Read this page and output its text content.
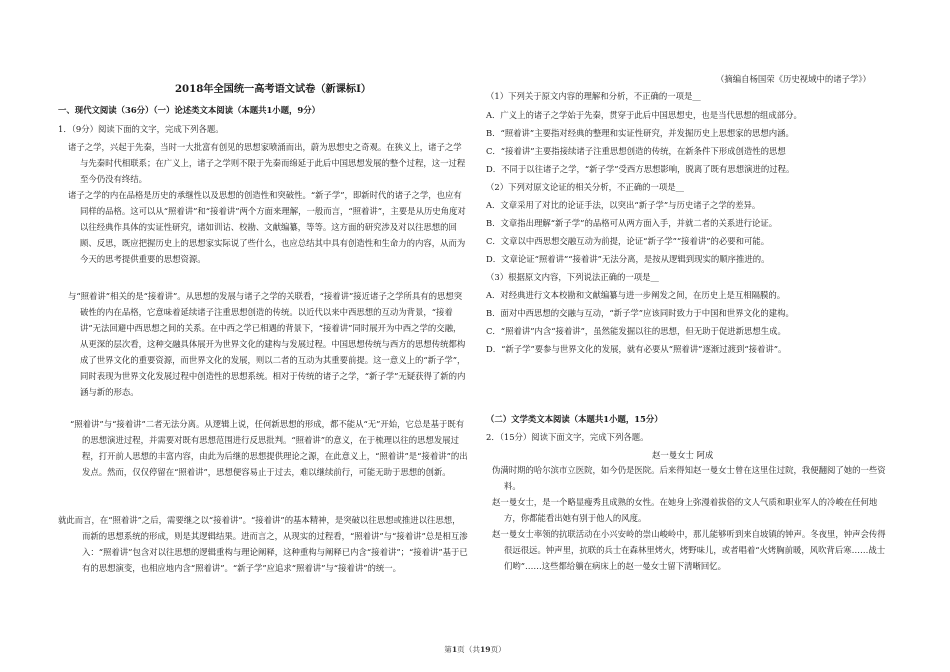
2018年全国统一高考语文试卷（新课标Ⅰ）
一、现代文阅读（36分）（一）论述类文本阅读（本题共1小题，9分）
1．（9分）阅读下面的文字，完成下列各题。
诸子之学，兴起于先秦，当时一大批富有创见的思想家喷涌而出，蔚为思想史之奇观。在狭义上，诸子之学与先秦时代相联系；在广义上，诸子之学则不限于先秦而绵延于此后中国思想发展的整个过程，这一过程至今仍没有终结。
诸子之学的内在品格是历史的承继性以及思想的创造性和突破性。“新子学”，即新时代的诸子之学，也应有同样的品格。这可以从“照着讲”和“接着讲”两个方面来理解，一般而言，“照着讲”，主要是从历史角度对以往经典作具体的实证性研究，诸如训诂、校勘、文献编纂，等等。这方面的研究涉及对以往思想的回顾、反思，既应把握历史上的思想家实际说了些什么，也应总结其中具有创造性和生命力的内容，从而为今天的思考提供重要的思想资源。
与“照着讲”相关的是“接着讲”。从思想的发展与诸子之学的关联看，“接着讲”接近诸子之学所具有的思想突破性的内在品格，它意味着延续诸子注重思想创造的传统。以近代以来中西思想的互动为背景，“接着讲”无法回避中西思想之间的关系。在中西之学已相遇的背景下，“接着讲”同时展开为中西之学的交融，从更深的层次看，这种交融具体展开为世界文化的建构与发展过程。中国思想传统与西方的思想传统都构成了世界文化的重要资源，而世界文化的发展，则以二者的互动为其重要前提。这一意义上的“新子学”，同时表现为世界文化发展过程中创造性的思想系统。相对于传统的诸子之学，“新子学”无疑获得了新的内涵与新的形态。
“照着讲”与“接着讲”二者无法分离。从逻辑上说，任何新思想的形成，都不能从“无”开始，它总是基于既有的思想演进过程，并需要对既有思想范围进行反思批判。“照着讲”的意义，在于梳理以往的思想发展过程，打开前人思想的丰富内容，由此为后继的思想提供理论之源，在此意义上，“照着讲”是“接着讲”的出发点。然而，仅仅停留在“照着讲”，思想便容易止于过去，难以继续前行，可能无助于思想的创新。
就此而言，在“照着讲”之后，需要继之以“接着讲”。“接着讲”的基本精神，是突破以往思想或推进以往思想，而新的思想系统的形成，则是其逻辑结果。进而言之，从现实的过程看，“照着讲”与“接着讲”总是相互渗入：“照着讲”包含对以往思想的逻辑重构与理论阐释，这种重构与阐释已内含“接着讲”；“接着讲”基于已有的思想演变，也相应地内含“照着讲”。“新子学”应追求“照着讲”与“接着讲”的统一。
（摘编自杨国荣《历史视域中的诸子学》）
（1）下列关于原文内容的理解和分析，不正确的一项是__
A．广义上的诸子之学始于先秦，贯穿于此后中国思想史，也是当代思想的组成部分。
B．“照着讲”主要指对经典的整理和实证性研究，并发掘历史上思想家的思想内涵。
C．“接着讲”主要指接续诸子注重思想创造的传统，在新条件下形成创造性的思想
D．不同于以往诸子之学，“新子学”受西方思想影响，脱离了既有思想演进的过程。
（2）下列对原文论证的相关分析，不正确的一项是__
A．文章采用了对比的论证手法，以突出“新子学”与历史诸子之学的差异。
B．文章指出理解“新子学”的品格可从两方面入手，并就二者的关系进行论证。
C．文章以中西思想交融互动为前提，论证“新子学”“接着讲”的必要和可能。
D．文章论证“照着讲”“接着讲”无法分离，是按从逻辑到现实的顺序推进的。
（3）根据原文内容，下列说法正确的一项是__
A．对经典进行文本校勘和文献编纂与进一步阐发之间，在历史上是互相隔膜的。
B．面对中西思想的交融与互动，“新子学”应该同时致力于中国和世界文化的建构。
C．“照着讲”内含“接着讲”，虽然能发掘以往的思想，但无助于促进新思想生成。
D．“新子学”要参与世界文化的发展，就有必要从“照着讲”逐渐过渡到“接着讲”。
（二）文学类文本阅读（本题共1小题，15分）
2．（15分）阅读下面文字，完成下列各题。
赵一曼女士 阿成
伪满时期的哈尔滨市立医院，如今仍是医院。后来得知赵一曼女士曾在这里住过院，我便翻阅了她的一些资料。
赵一曼女士，是一个略显瘦秀且成熟的女性。在她身上弥漫着拔俗的文人气质和职业军人的冷峻在任何地方，你都能看出她有别于他人的风度。
赵一曼女士率领的抗联活动在小兴安岭的崇山峻岭中，那儿能够听到来自坡镇的钟声。冬夜里，钟声会传得很远很远。钟声里，抗联的兵士在森林里烤火，烤野味儿，或者唱着“火烤胸前暖，风吹背后寒……战士们哟”……这些都给躺在病床上的赵一曼女士留下清晰回忆。
第1页（共19页）
